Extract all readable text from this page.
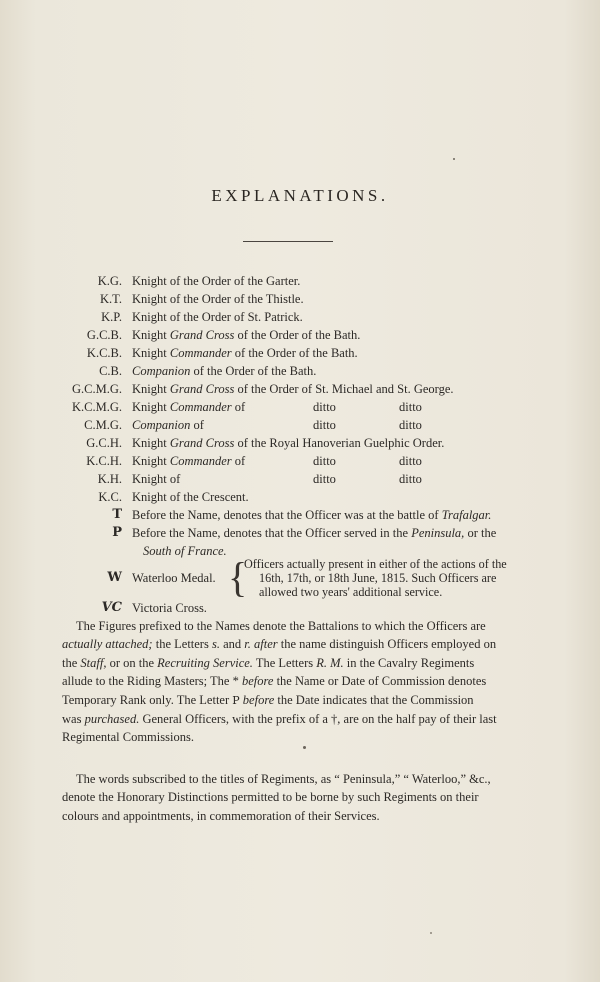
EXPLANATIONS.
K.G. Knight of the Order of the Garter.
K.T. Knight of the Order of the Thistle.
K.P. Knight of the Order of St. Patrick.
G.C.B. Knight Grand Cross of the Order of the Bath.
K.C.B. Knight Commander of the Order of the Bath.
C.B. Companion of the Order of the Bath.
G.C.M.G. Knight Grand Cross of the Order of St. Michael and St. George.
K.C.M.G. Knight Commander of	ditto	ditto
C.M.G. Companion of	ditto	ditto
G.C.H. Knight Grand Cross of the Royal Hanoverian Guelphic Order.
K.C.H. Knight Commander of	ditto	ditto
K.H. Knight of	ditto	ditto
K.C. Knight of the Crescent.
T Before the Name, denotes that the Officer was at the battle of Trafalgar.
P Before the Name, denotes that the Officer served in the Peninsula, or the
South of France.
W Waterloo Medal. {
Officers actually present in either of the actions of the
16th, 17th, or 18th June, 1815. Such Officers are
allowed two years' additional service.
VC Victoria Cross.
The Figures prefixed to the Names denote the Battalions to which the Officers are
actually attached; the Letters s. and r. after the name distinguish Officers employed on
the Staff, or on the Recruiting Service. The Letters R. M. in the Cavalry Regiments
allude to the Riding Masters; The * before the Name or Date of Commission denotes
Temporary Rank only. The Letter P before the Date indicates that the Commission
was purchased. General Officers, with the prefix of a †, are on the half pay of their last
Regimental Commissions.
The words subscribed to the titles of Regiments, as “ Peninsula,” “ Waterloo,” &c.,
denote the Honorary Distinctions permitted to be borne by such Regiments on their
colours and appointments, in commemoration of their Services.
